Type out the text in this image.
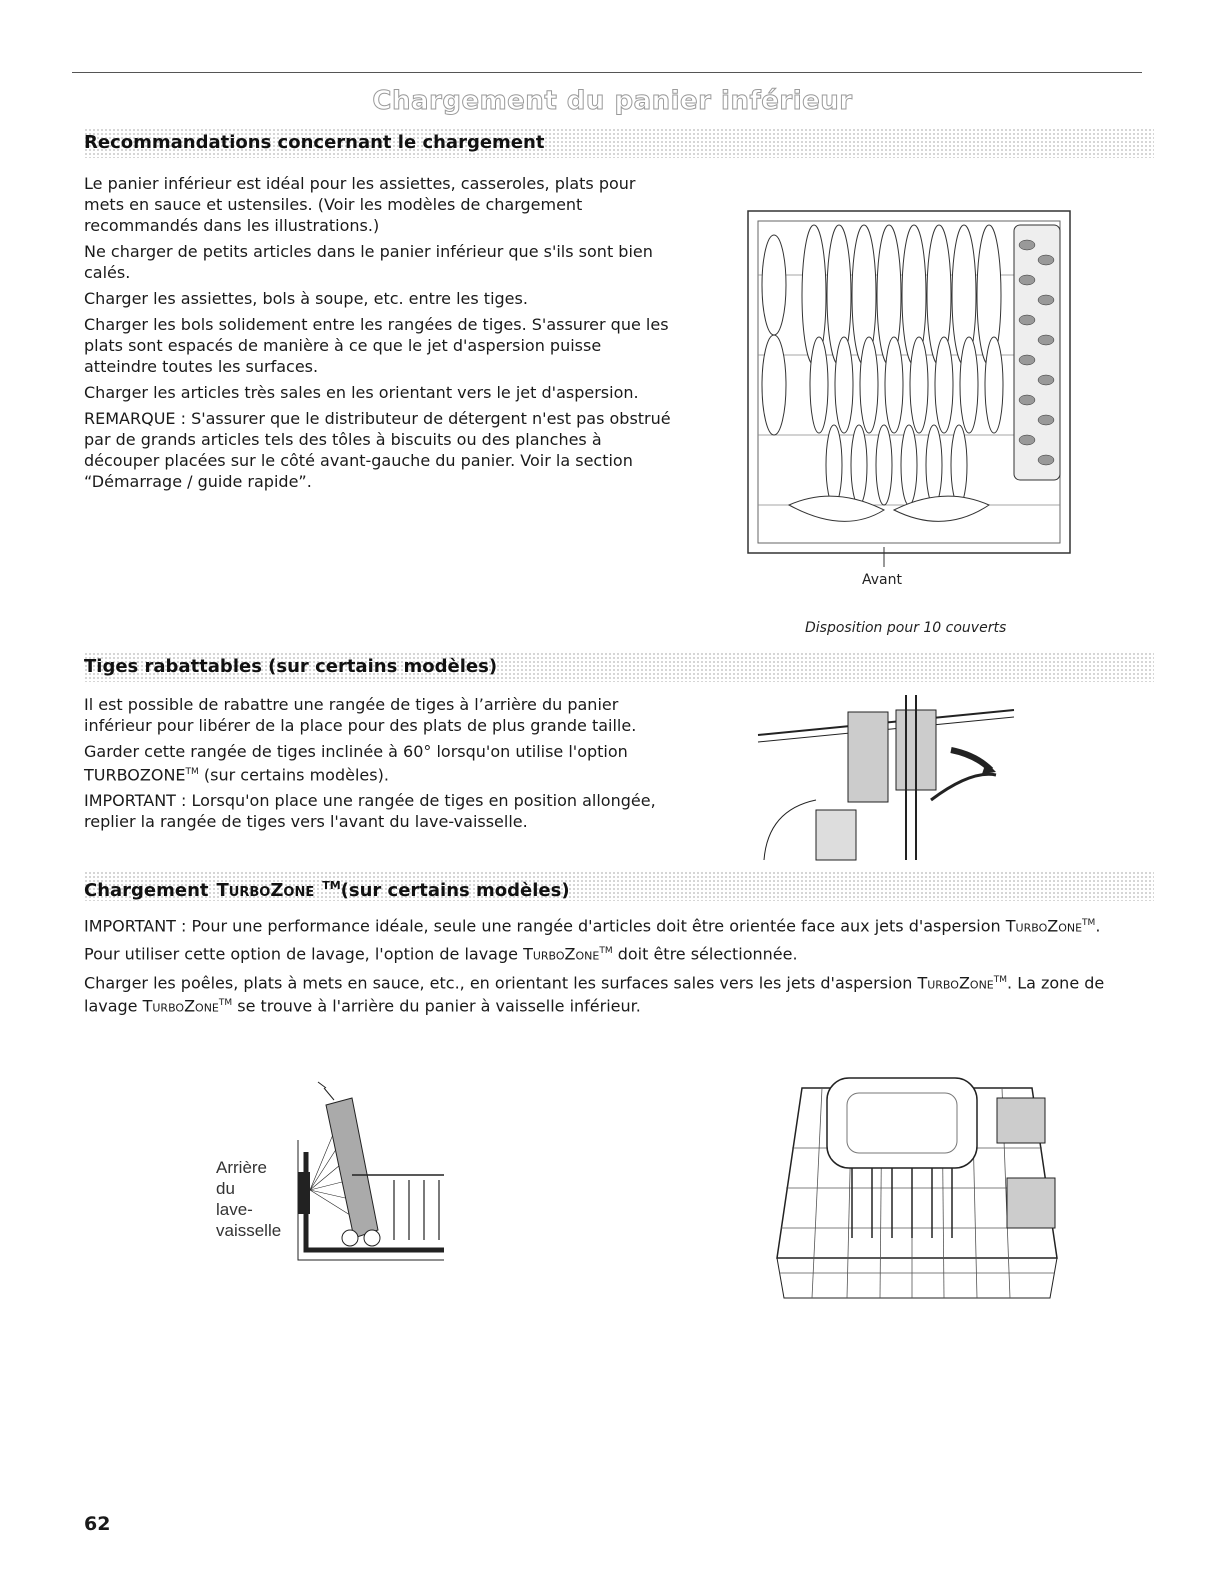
Chargement du panier inférieur
Recommandations concernant le chargement

Le panier inférieur est idéal pour les assiettes, casseroles, plats pour mets en sauce et ustensiles. (Voir les modèles de chargement recommandés dans les illustrations.)

Ne charger de petits articles dans le panier inférieur que s'ils sont bien calés.

Charger les assiettes, bols à soupe, etc. entre les tiges.

Charger les bols solidement entre les rangées de tiges. S'assurer que les plats sont espacés de manière à ce que le jet d'aspersion puisse atteindre toutes les surfaces.

Charger les articles très sales en les orientant vers le jet d'aspersion.

REMARQUE : S'assurer que le distributeur de détergent n'est pas obstrué par de grands articles tels des tôles à biscuits ou des planches à découper placées sur le côté avant-gauche du panier. Voir la section “Démarrage / guide rapide”.

Avant
Disposition pour 10 couverts
Tiges rabattables (sur certains modèles)

Il est possible de rabattre une rangée de tiges à l’arrière du panier inférieur pour libérer de la place pour des plats de plus grande taille.

Garder cette rangée de tiges inclinée à 60° lorsqu'on utilise l'option TURBOZONE™ (sur certains modèles).

IMPORTANT : Lorsqu'on place une rangée de tiges en position allongée, replier la rangée de tiges vers l'avant du lave-vaisselle.

ChargementTurboZone ™(sur certains modèles)

IMPORTANT : Pour une performance idéale, seule une rangée d'articles doit être orientée face aux jets d'aspersion TurboZone™.

Pour utiliser cette option de lavage, l'option de lavage TurboZone™ doit être sélectionnée.

Charger les poêles, plats à mets en sauce, etc., en orientant les surfaces sales vers les jets d'aspersion TurboZone™. La zone de lavage TurboZone™ se trouve à l'arrière du panier à vaisselle inférieur.

Arrière
du
lave-
vaisselle
62
